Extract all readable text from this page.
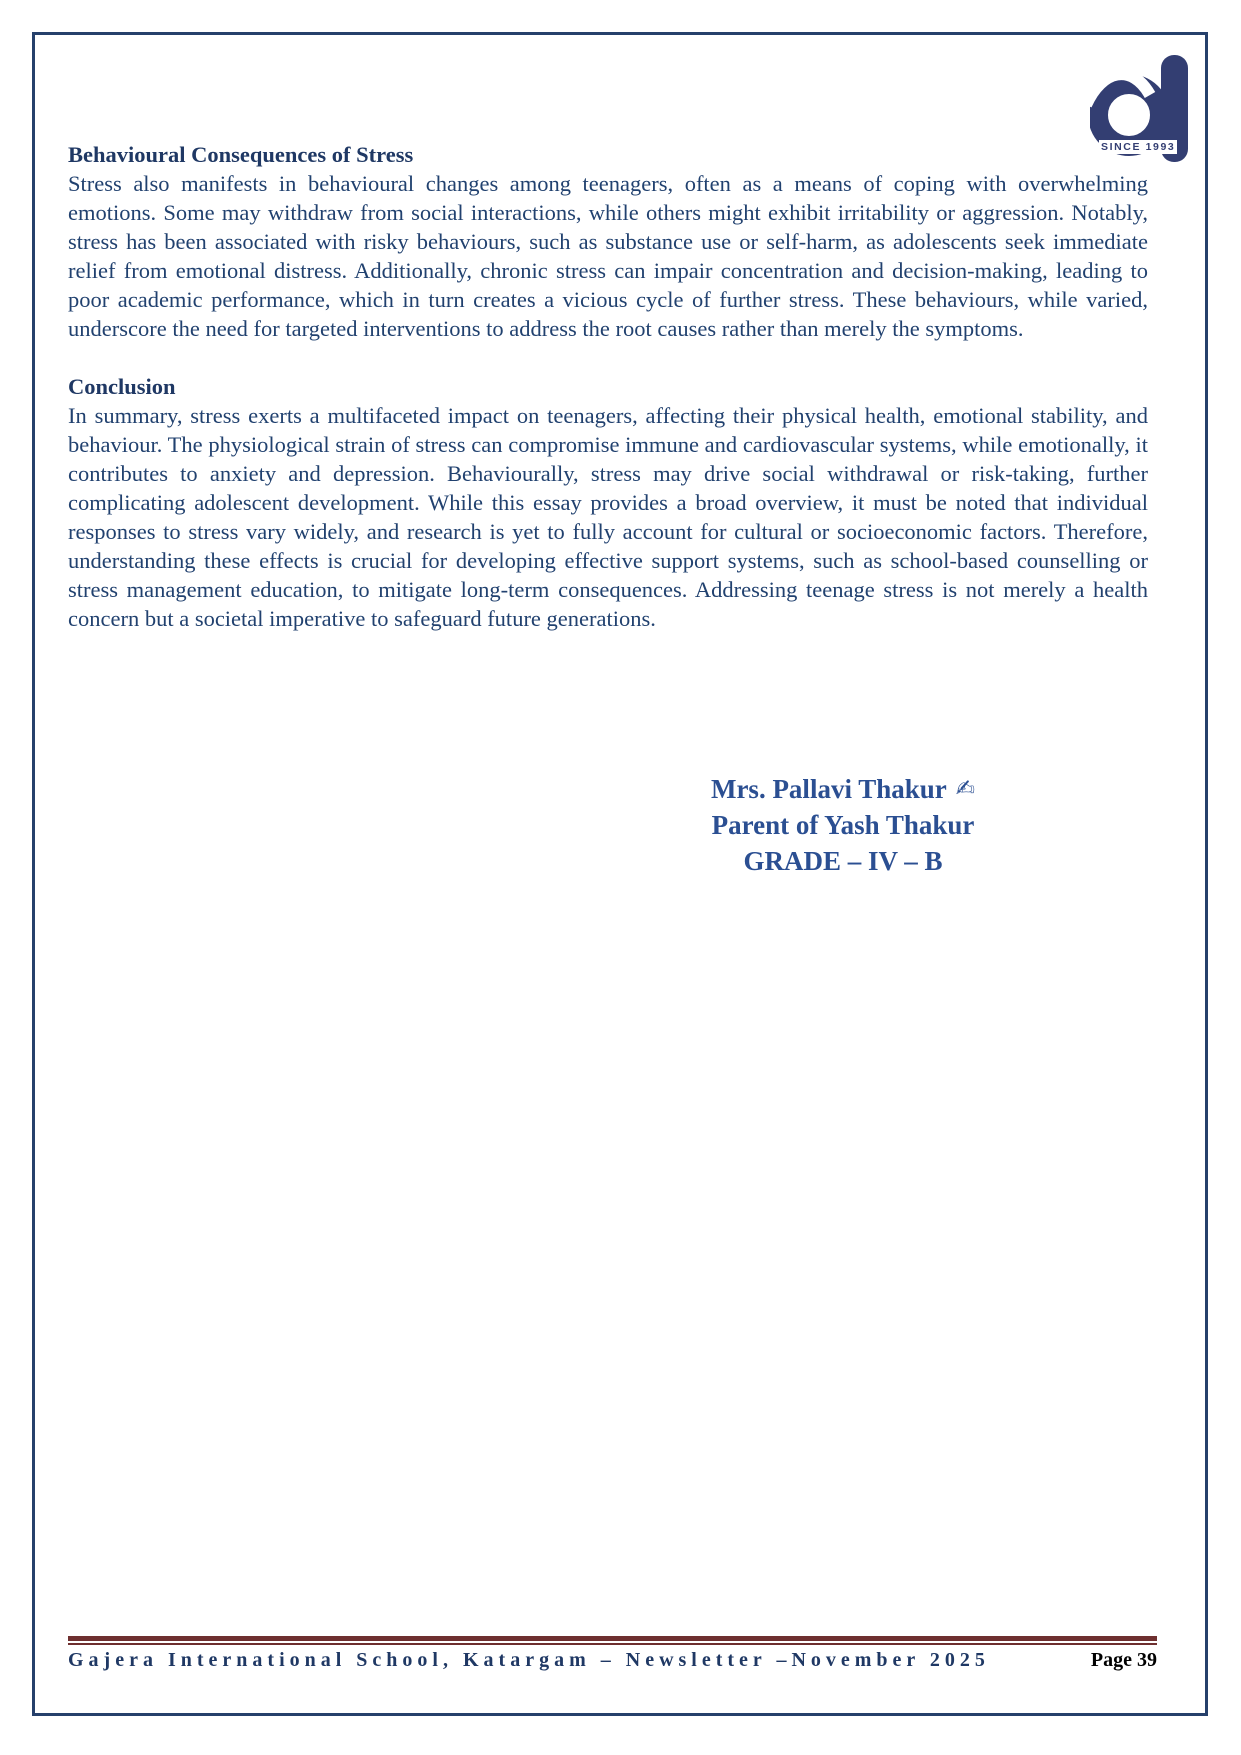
SINCE 1993
Behavioural Consequences of Stress

Stress also manifests in behavioural changes among teenagers, often as a means of coping with overwhelming emotions. Some may withdraw from social interactions, while others might exhibit irritability or aggression. Notably, stress has been associated with risky behaviours, such as substance use or self-harm, as adolescents seek immediate relief from emotional distress. Additionally, chronic stress can impair concentration and decision-making, leading to poor academic performance, which in turn creates a vicious cycle of further stress. These behaviours, while varied, underscore the need for targeted interventions to address the root causes rather than merely the symptoms.

Conclusion

In summary, stress exerts a multifaceted impact on teenagers, affecting their physical health, emotional stability, and behaviour. The physiological strain of stress can compromise immune and cardiovascular systems, while emotionally, it contributes to anxiety and depression. Behaviourally, stress may drive social withdrawal or risk-taking, further complicating adolescent development. While this essay provides a broad overview, it must be noted that individual responses to stress vary widely, and research is yet to fully account for cultural or socioeconomic factors. Therefore, understanding these effects is crucial for developing effective support systems, such as school-based counselling or stress management education, to mitigate long-term consequences. Addressing teenage stress is not merely a health concern but a societal imperative to safeguard future generations.

Mrs. Pallavi Thakur ✍
Parent of Yash Thakur
GRADE – IV – B
Gajera International School, Katargam – Newsletter –November 2025	Page 39
